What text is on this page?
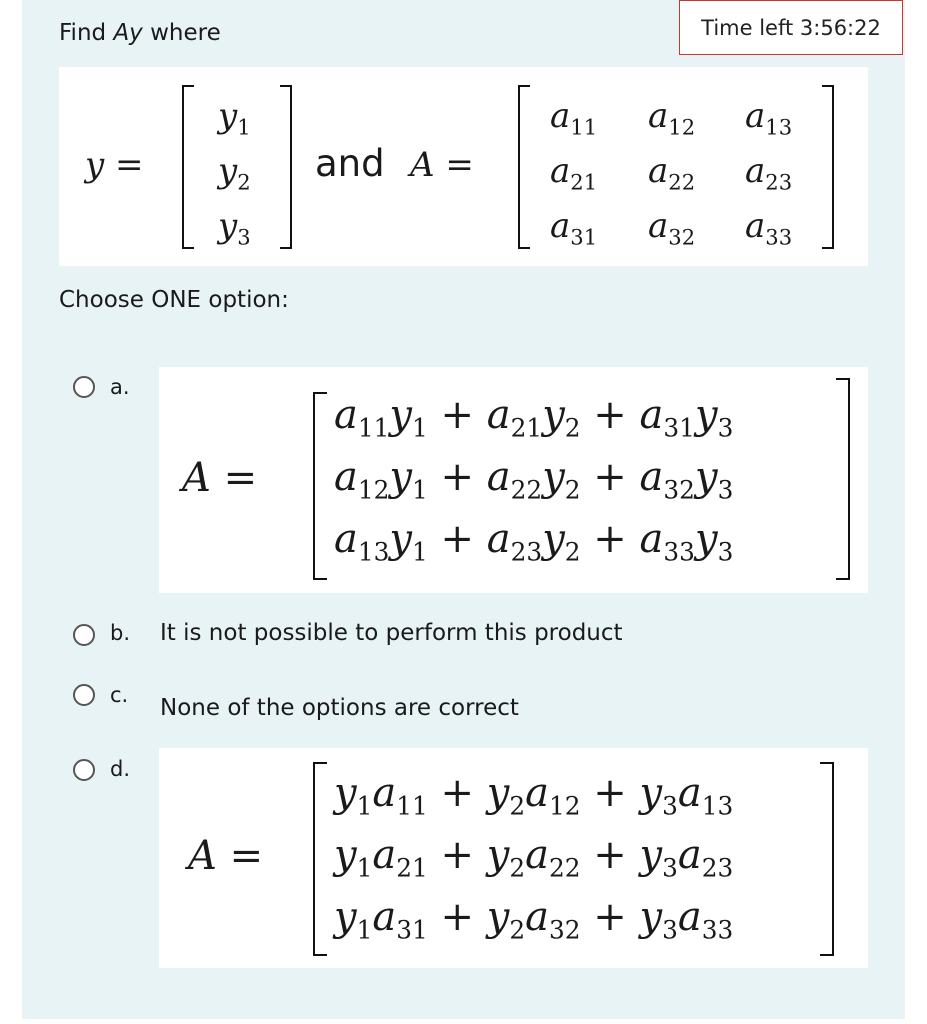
Find Ay where	Time left 3:56:22
y =
$y_1$
$y_2$
$y_3$
and A =
$a_{11}$ $a_{12}$ $a_{13}$
$a_{21}$ $a_{22}$ $a_{23}$
$a_{31}$ $a_{32}$ $a_{33}$
Choose ONE option:
a.
A =
$a_{11}y_1 + a_{21}y_2 + a_{31}y_3$
$a_{12}y_1 + a_{22}y_2 + a_{32}y_3$
$a_{13}y_1 + a_{23}y_2 + a_{33}y_3$
b. It is not possible to perform this product
c. None of the options are correct
d.
A =
$y_1a_{11} + y_2a_{12} + y_3a_{13}$
$y_1a_{21} + y_2a_{22} + y_3a_{23}$
$y_1a_{31} + y_2a_{32} + y_3a_{33}$
